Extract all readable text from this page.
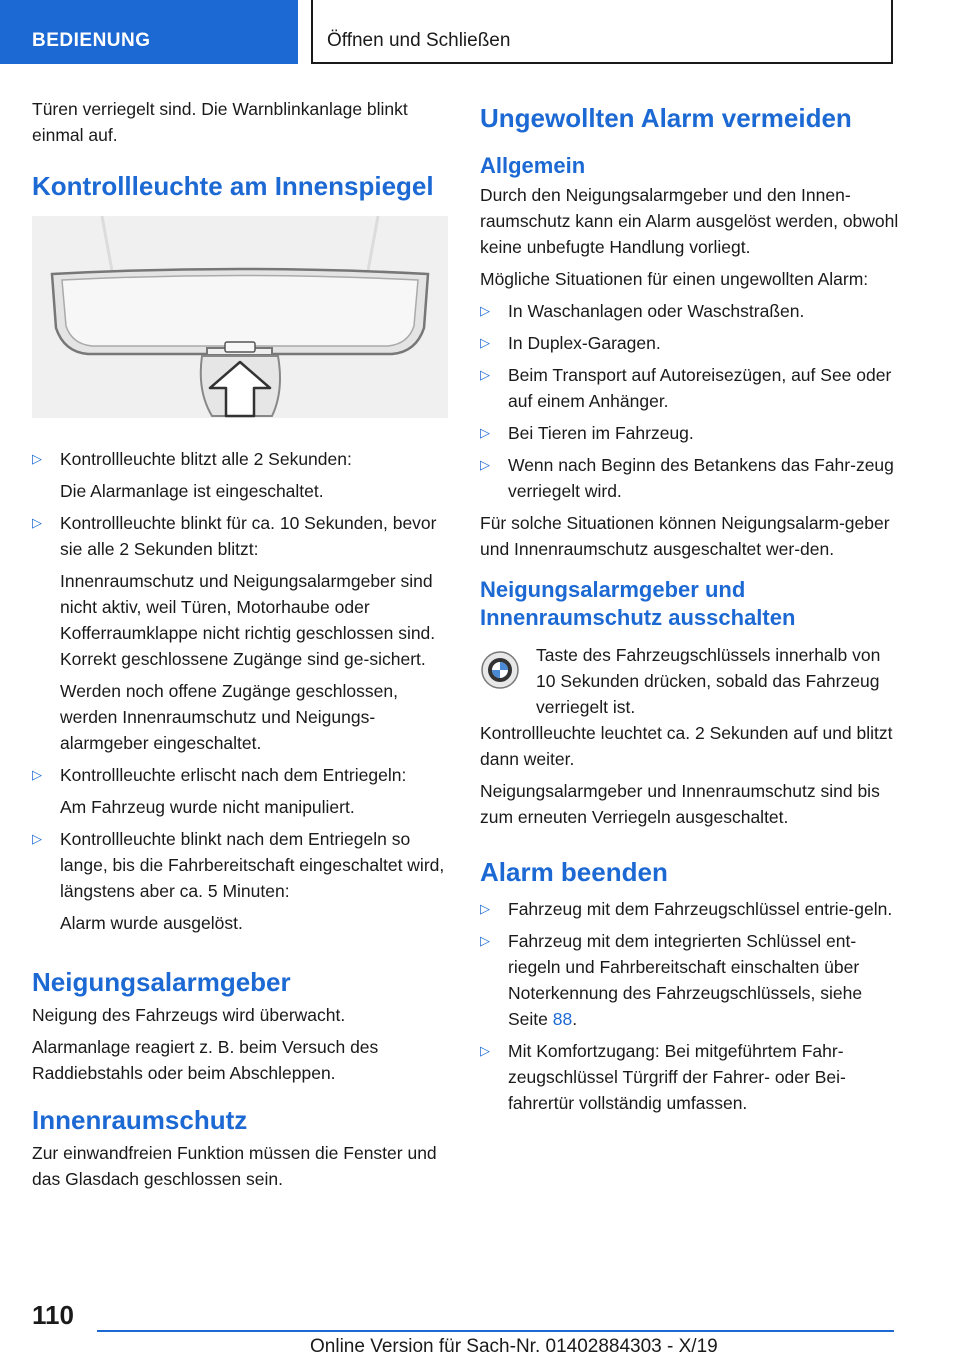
BEDIENUNG	Öffnen und Schließen

Türen verriegelt sind. Die Warnblinkanlage blinkt einmal auf.

Kontrollleuchte am Innenspiegel
▷ Kontrollleuchte blitzt alle 2 Sekunden:
Die Alarmanlage ist eingeschaltet.
▷ Kontrollleuchte blinkt für ca. 10 Sekunden, bevor sie alle 2 Sekunden blitzt:
Innenraumschutz und Neigungsalarmgeber sind nicht aktiv, weil Türen, Motorhaube oder Kofferraumklappe nicht richtig geschlossen sind. Korrekt geschlossene Zugänge sind ge‐sichert.
Werden noch offene Zugänge geschlossen, werden Innenraumschutz und Neigungs‐alarmgeber eingeschaltet.
▷ Kontrollleuchte erlischt nach dem Entriegeln:
Am Fahrzeug wurde nicht manipuliert.
▷ Kontrollleuchte blinkt nach dem Entriegeln so lange, bis die Fahrbereitschaft eingeschaltet wird, längstens aber ca. 5 Minuten:
Alarm wurde ausgelöst.
Neigungsalarmgeber

Neigung des Fahrzeugs wird überwacht.

Alarmanlage reagiert z. B. beim Versuch des Raddiebstahls oder beim Abschleppen.

Innenraumschutz

Zur einwandfreien Funktion müssen die Fenster und das Glasdach geschlossen sein.

Ungewollten Alarm vermeiden
Allgemein

Durch den Neigungsalarmgeber und den Innen‐raumschutz kann ein Alarm ausgelöst werden, obwohl keine unbefugte Handlung vorliegt.

Mögliche Situationen für einen ungewollten Alarm:

▷ In Waschanlagen oder Waschstraßen.
▷ In Duplex-Garagen.
▷ Beim Transport auf Autoreisezügen, auf See oder auf einem Anhänger.
▷ Bei Tieren im Fahrzeug.
▷ Wenn nach Beginn des Betankens das Fahr‐zeug verriegelt wird.

Für solche Situationen können Neigungsalarm‐geber und Innenraumschutz ausgeschaltet wer‐den.

Neigungsalarmgeber und Innenraumschutz ausschalten
Taste des Fahrzeugschlüssels innerhalb von 10 Sekunden drücken, sobald das Fahrzeug verriegelt ist.

Kontrollleuchte leuchtet ca. 2 Sekunden auf und blitzt dann weiter.

Neigungsalarmgeber und Innenraumschutz sind bis zum erneuten Verriegeln ausgeschaltet.

Alarm beenden
▷ Fahrzeug mit dem Fahrzeugschlüssel entrie‐geln.
▷ Fahrzeug mit dem integrierten Schlüssel ent‐riegeln und Fahrbereitschaft einschalten über Noterkennung des Fahrzeugschlüssels, siehe Seite 88.
▷ Mit Komfortzugang: Bei mitgeführtem Fahr‐zeugschlüssel Türgriff der Fahrer- oder Bei‐fahrertür vollständig umfassen.
110
Online Version für Sach-Nr. 01402884303 - X/19
